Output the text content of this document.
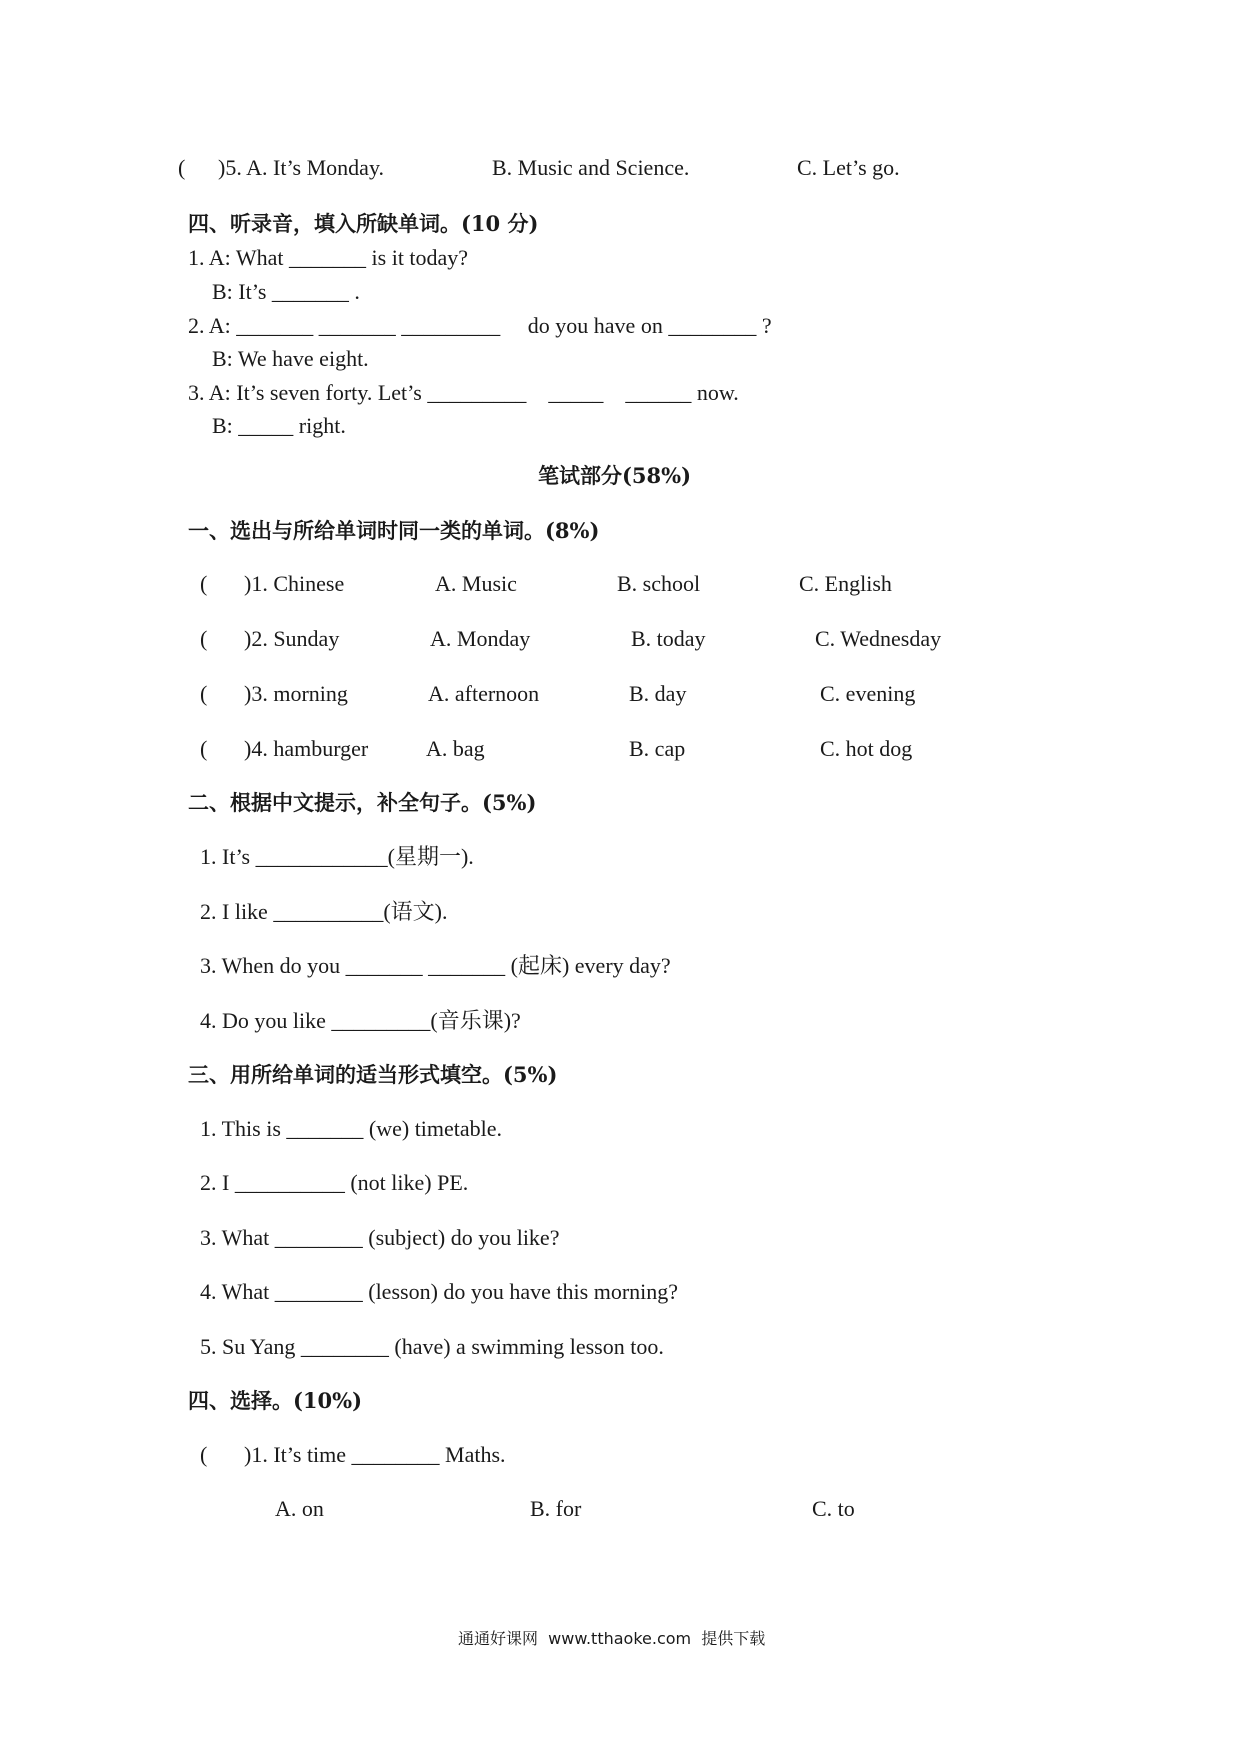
( )5. A. It’s Monday.	B. Music and Science.	C. Let’s go.
四、听录音，填入所缺单词。(10 分)
1. A: What _______ is it today?
B: It’s _______ .
2. A: _______ _______ _________     do you have on ________ ?
B: We have eight.
3. A: It’s seven forty. Let’s _________    _____    ______ now.
B: _____ right.
笔试部分(58%)
一、选出与所给单词时同一类的单词。(8%)
( )1. Chinese	A. Music	B. school	C. English
( )2. Sunday	A. Monday	B. today	C. Wednesday
( )3. morning	A. afternoon	B. day	C. evening
( )4. hamburger	A. bag	B. cap	C. hot dog
二、根据中文提示，补全句子。(5%)
1. It’s ____________(星期一).
2. I like __________(语文).
3. When do you _______ _______ (起床) every day?
4. Do you like _________(音乐课)?
三、用所给单词的适当形式填空。(5%)
1. This is _______ (we) timetable.
2. I __________ (not like) PE.
3. What ________ (subject) do you like?
4. What ________ (lesson) do you have this morning?
5. Su Yang ________ (have) a swimming lesson too.
四、选择。(10%)
( )1. It’s time ________ Maths.
A. on	B. for	C. to
通通好课网  www.tthaoke.com  提供下载
